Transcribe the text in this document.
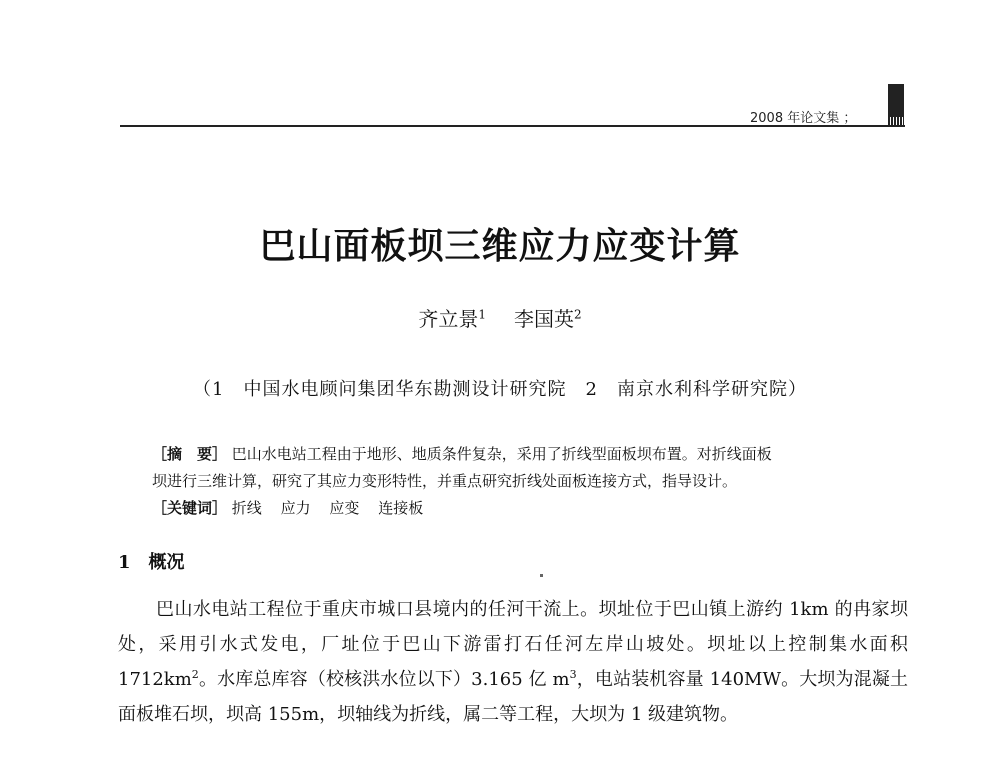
2008 年论文集 ；
巴山面板坝三维应力应变计算
齐立景$^1$ 李国英$^2$
（1　中国水电顾问集团华东勘测设计研究院　2　南京水利科学研究院）
［摘　要］ 巴山水电站工程由于地形、地质条件复杂，采用了折线型面板坝布置。对折线面板
坝进行三维计算，研究了其应力变形特性，并重点研究折线处面板连接方式，指导设计。
［关键词］ 折线 应力 应变 连接板
1 概况
巴山水电站工程位于重庆市城口县境内的任河干流上。坝址位于巴山镇上游约 1km 的冉家坝处，采用引水式发电，厂址位于巴山下游雷打石任河左岸山坡处。坝址以上控制集水面积 $1712km^2$。水库总库容（校核洪水位以下）3.165 亿 $m^3$，电站装机容量 140MW。大坝为混凝土面板堆石坝，坝高 155m，坝轴线为折线，属二等工程，大坝为 1 级建筑物。
